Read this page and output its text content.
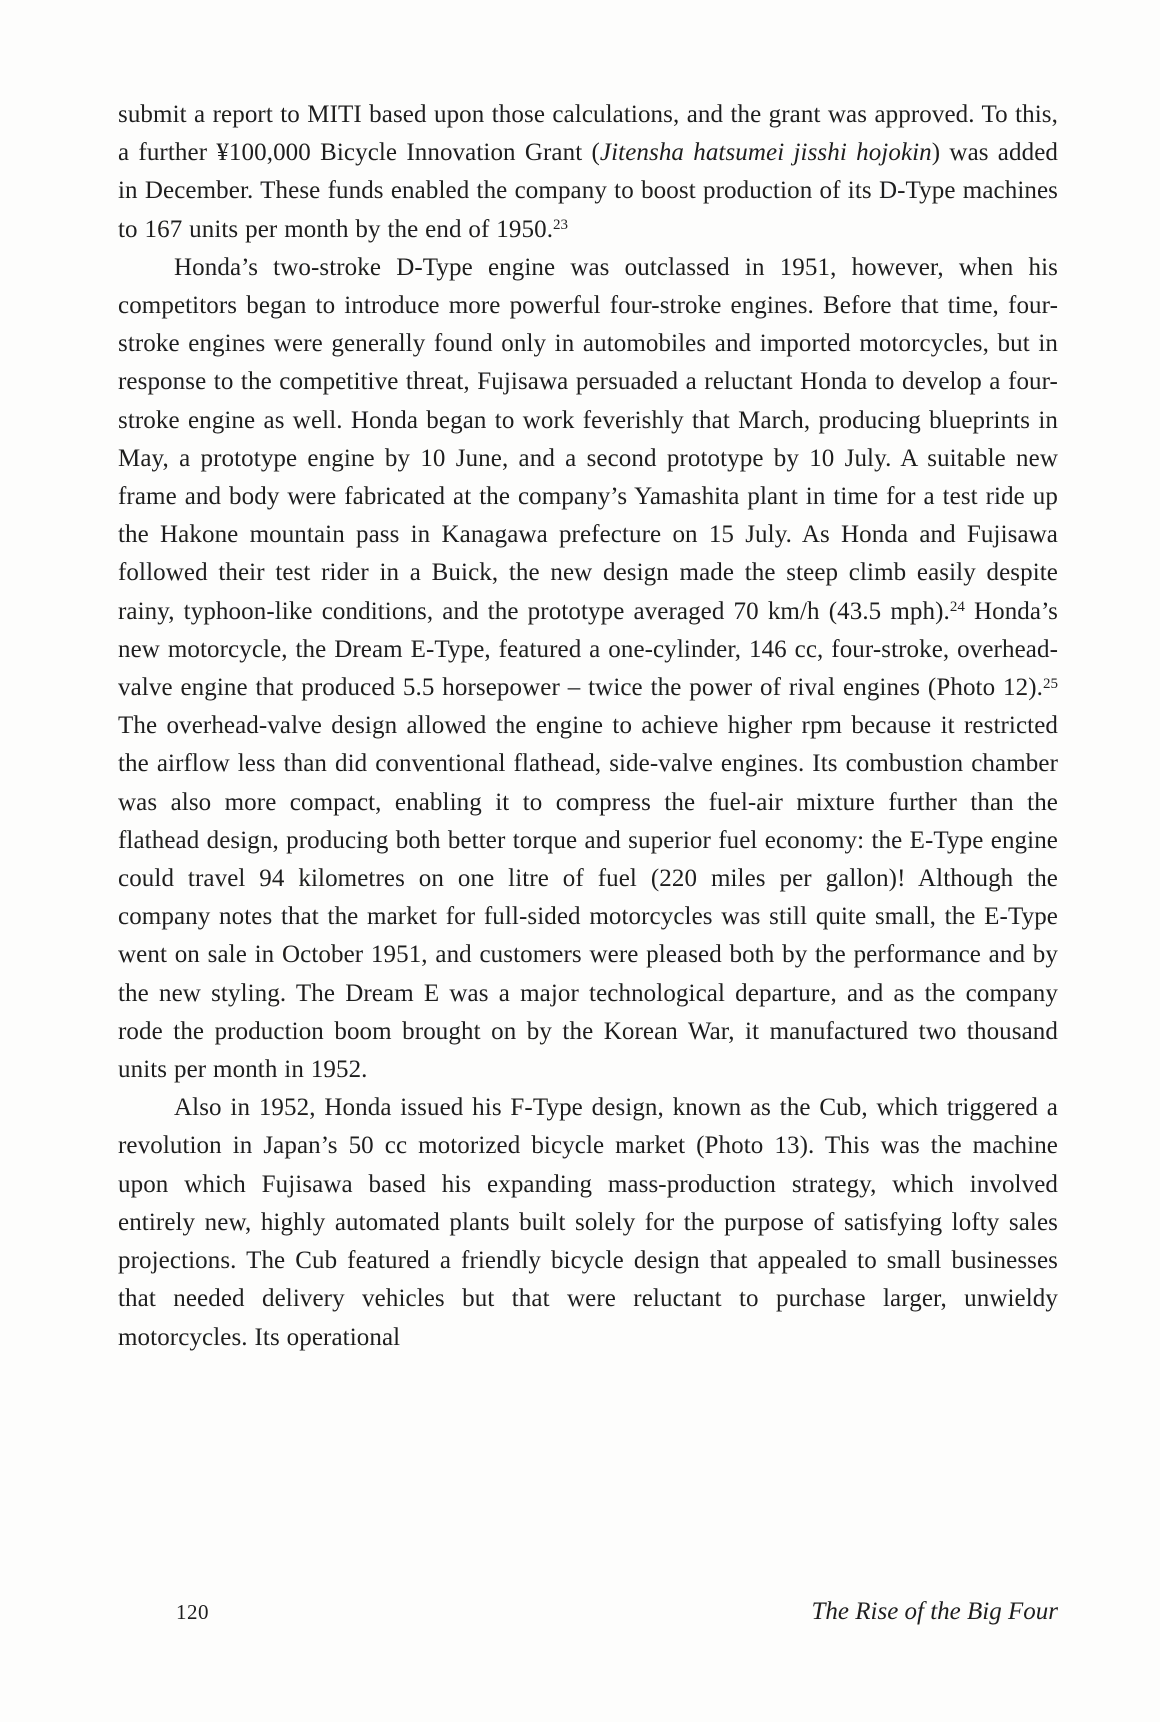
submit a report to MITI based upon those calculations, and the grant was approved. To this, a further ¥100,000 Bicycle Innovation Grant (Jitensha hatsumei jisshi hojokin) was added in December. These funds enabled the company to boost production of its D-Type machines to 167 units per month by the end of 1950.23

Honda’s two-stroke D-Type engine was outclassed in 1951, however, when his competitors began to introduce more powerful four-stroke engines. Before that time, four-stroke engines were generally found only in automobiles and imported motorcycles, but in response to the competitive threat, Fujisawa persuaded a reluctant Honda to develop a four-stroke engine as well. Honda began to work feverishly that March, producing blueprints in May, a prototype engine by 10 June, and a second prototype by 10 July. A suitable new frame and body were fabricated at the company’s Yamashita plant in time for a test ride up the Hakone mountain pass in Kanagawa prefecture on 15 July. As Honda and Fujisawa followed their test rider in a Buick, the new design made the steep climb easily despite rainy, typhoon-like conditions, and the prototype averaged 70 km/h (43.5 mph).$^{24}$ Honda’s new motorcycle, the Dream E-Type, featured a one-cylinder, 146 cc, four-stroke, overhead-valve engine that produced 5.5 horsepower – twice the power of rival engines (Photo 12).$^{25}$ The overhead-valve design allowed the engine to achieve higher rpm because it restricted the airflow less than did conventional flathead, side-valve engines. Its combustion chamber was also more compact, enabling it to compress the fuel-air mixture further than the flathead design, producing both better torque and superior fuel economy: the E-Type engine could travel 94 kilometres on one litre of fuel (220 miles per gallon)! Although the company notes that the market for full-sided motorcycles was still quite small, the E-Type went on sale in October 1951, and customers were pleased both by the performance and by the new styling. The Dream E was a major technological departure, and as the company rode the production boom brought on by the Korean War, it manufactured two thousand units per month in 1952.

Also in 1952, Honda issued his F-Type design, known as the Cub, which triggered a revolution in Japan’s 50 cc motorized bicycle market (Photo 13). This was the machine upon which Fujisawa based his expanding mass-production strategy, which involved entirely new, highly automated plants built solely for the purpose of satisfying lofty sales projections. The Cub featured a friendly bicycle design that appealed to small businesses that needed delivery vehicles but that were reluctant to purchase larger, unwieldy motorcycles. Its operational

120	The Rise of the Big Four
